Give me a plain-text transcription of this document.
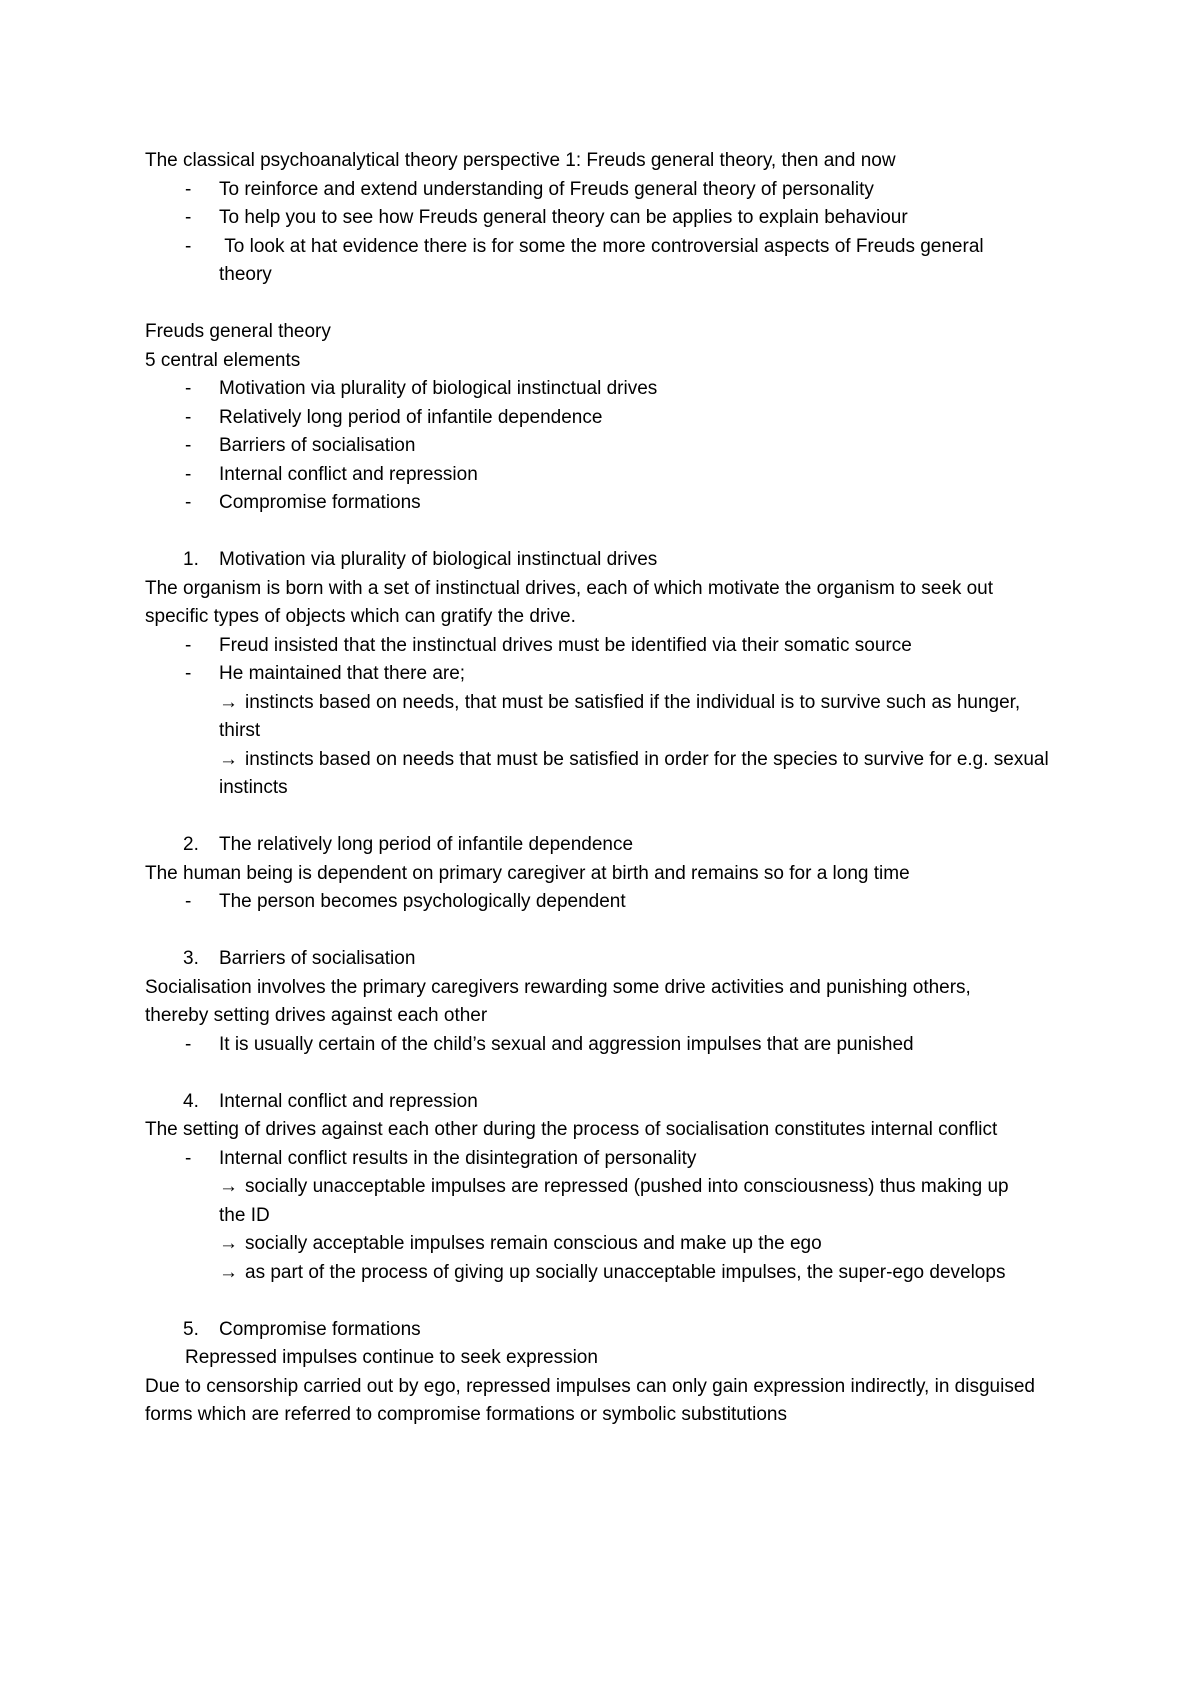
The classical psychoanalytical theory perspective 1: Freuds general theory, then and now
- To reinforce and extend understanding of Freuds general theory of personality
- To help you to see how Freuds general theory can be applies to explain behaviour
- To look at hat evidence there is for some the more controversial aspects of Freuds general theory
Freuds general theory
5 central elements
- Motivation via plurality of biological instinctual drives
- Relatively long period of infantile dependence
- Barriers of socialisation
- Internal conflict and repression
- Compromise formations
1. Motivation via plurality of biological instinctual drives
The organism is born with a set of instinctual drives, each of which motivate the organism to seek out specific types of objects which can gratify the drive.
- Freud insisted that the instinctual drives must be identified via their somatic source
- He maintained that there are;
→ instincts based on needs, that must be satisfied if the individual is to survive such as hunger, thirst
→ instincts based on needs that must be satisfied in order for the species to survive for e.g. sexual instincts
2. The relatively long period of infantile dependence
The human being is dependent on primary caregiver at birth and remains so for a long time
- The person becomes psychologically dependent
3. Barriers of socialisation
Socialisation involves the primary caregivers rewarding some drive activities and punishing others, thereby setting drives against each other
- It is usually certain of the child’s sexual and aggression impulses that are punished
4. Internal conflict and repression
The setting of drives against each other during the process of socialisation constitutes internal conflict
- Internal conflict results in the disintegration of personality
→ socially unacceptable impulses are repressed (pushed into consciousness) thus making up the ID
→ socially acceptable impulses remain conscious and make up the ego
→ as part of the process of giving up socially unacceptable impulses, the super-ego develops
5. Compromise formations
Repressed impulses continue to seek expression
Due to censorship carried out by ego, repressed impulses can only gain expression indirectly, in disguised forms which are referred to compromise formations or symbolic substitutions
